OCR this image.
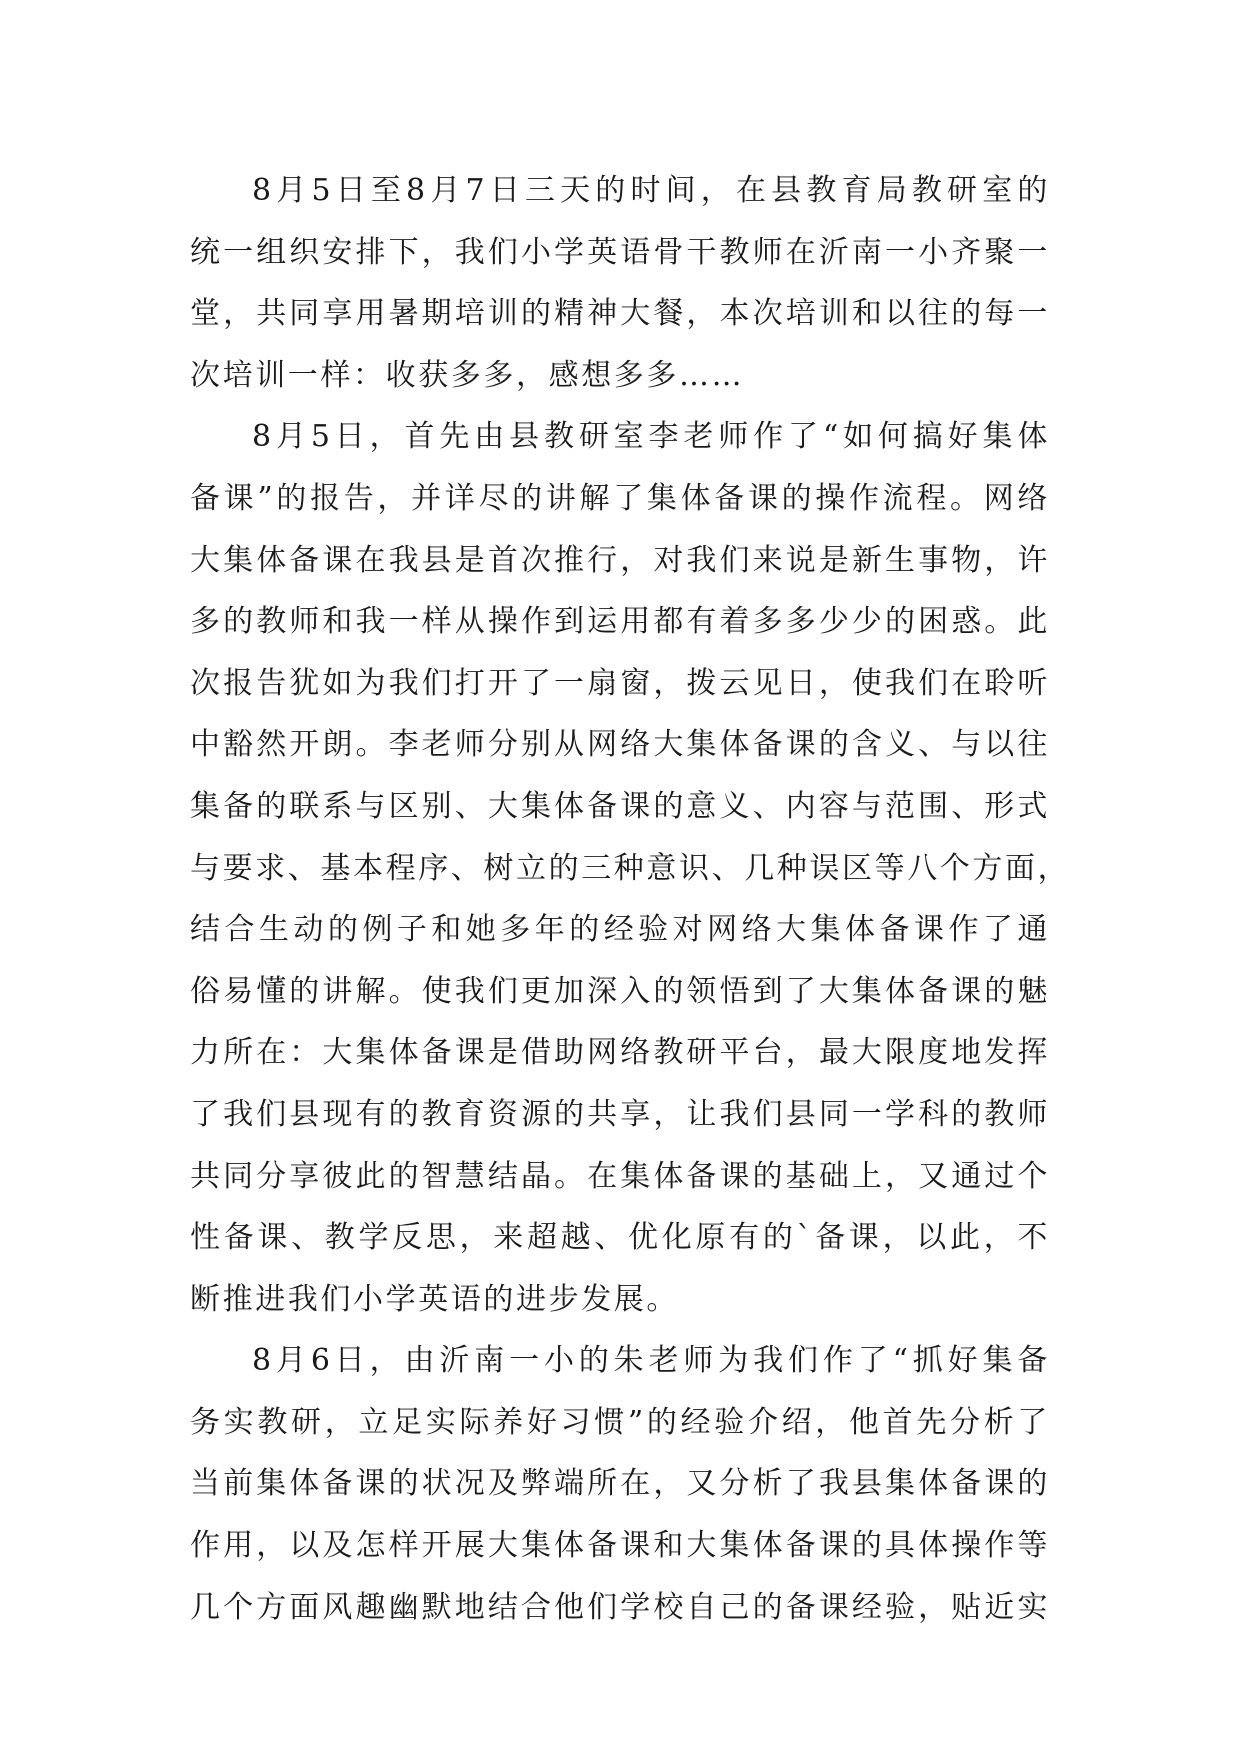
8月5日至8月7日三天的时间，在县教育局教研室的
统一组织安排下，我们小学英语骨干教师在沂南一小齐聚一
堂，共同享用暑期培训的精神大餐，本次培训和以往的每一
次培训一样：收获多多，感想多多……
8月5日，首先由县教研室李老师作了“如何搞好集体
备课”的报告，并详尽的讲解了集体备课的操作流程。网络
大集体备课在我县是首次推行，对我们来说是新生事物，许
多的教师和我一样从操作到运用都有着多多少少的困惑。此
次报告犹如为我们打开了一扇窗，拨云见日，使我们在聆听
中豁然开朗。李老师分别从网络大集体备课的含义、与以往
集备的联系与区别、大集体备课的意义、内容与范围、形式
与要求、基本程序、树立的三种意识、几种误区等八个方面，
结合生动的例子和她多年的经验对网络大集体备课作了通
俗易懂的讲解。使我们更加深入的领悟到了大集体备课的魅
力所在：大集体备课是借助网络教研平台，最大限度地发挥
了我们县现有的教育资源的共享，让我们县同一学科的教师
共同分享彼此的智慧结晶。在集体备课的基础上，又通过个
性备课、教学反思，来超越、优化原有的`备课，以此，不
断推进我们小学英语的进步发展。
8月6日，由沂南一小的朱老师为我们作了“抓好集备
务实教研，立足实际养好习惯”的经验介绍，他首先分析了
当前集体备课的状况及弊端所在，又分析了我县集体备课的
作用，以及怎样开展大集体备课和大集体备课的具体操作等
几个方面风趣幽默地结合他们学校自己的备课经验，贴近实
